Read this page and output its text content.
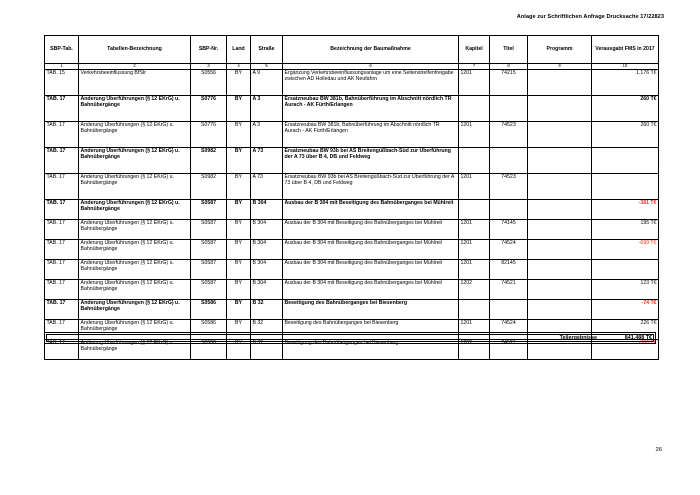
Anlage zur Schriftlichen Anfrage Drucksache 17/22823
SBP-Tab.	Tabellen-Bezeichnung	SBP-Nr.	Land	Straße	Bezeichnung der Baumaßnahme	Kapitel	Titel	Programm	Verausgabt FMS in 2017
1	2	3	4	5	6	7	8	9	10
TAB. 15	Verkehrsbeeinflussung BfStr	S0556	BY	A 9	Ergänzung Verkehrsbeeinflussungsanlage um eine Seitenstreifenfreigabe zwischen AD Holledau und AK Neufahrn	1201	74215		1.176 T€
TAB. 17	Änderung Überführungen (§ 12 EKrG) u. Bahnübergänge	S0776	BY	A 3	Ersatzneubau BW 381b, Bahnüberführung im Abschnitt nördlich TR Aurach - AK Fürth/Erlangen				260 T€
TAB. 17	Änderung Überführungen (§ 12 EKrG) u. Bahnübergänge	S0776	BY	A 3	Ersatzneubau BW 381b, Bahnüberführung im Abschnitt nördlich TR Aurach - AK Fürth/Erlangen	1201	74523		260 T€
TAB. 17	Änderung Überführungen (§ 12 EKrG) u. Bahnübergänge	S0982	BY	A 73	Ersatzneubau BW 93b bei AS Breitengüßbach-Süd zur Überführung der A 73 über B 4, DB und Feldweg				
TAB. 17	Änderung Überführungen (§ 12 EKrG) u. Bahnübergänge	S0982	BY	A 73	Ersatzneubau BW 93b bei AS Breitengüßbach-Süd zur Überführung der A 73 über B 4, DB und Feldweg	1201	74523		
TAB. 17	Änderung Überführungen (§ 12 EKrG) u. Bahnübergänge	S0587	BY	B 304	Ausbau der B 304 mit Beseitigung des Bahnüberganges bei Mühlreit				-381 T€
TAB. 17	Änderung Überführungen (§ 12 EKrG) u. Bahnübergänge	S0587	BY	B 304	Ausbau der B 304 mit Beseitigung des Bahnüberganges bei Mühlreit	1201	74145		195 T€
TAB. 17	Änderung Überführungen (§ 12 EKrG) u. Bahnübergänge	S0587	BY	B 304	Ausbau der B 304 mit Beseitigung des Bahnüberganges bei Mühlreit	1201	74524		-699 T€
TAB. 17	Änderung Überführungen (§ 12 EKrG) u. Bahnübergänge	S0587	BY	B 304	Ausbau der B 304 mit Beseitigung des Bahnüberganges bei Mühlreit	1201	82145		
TAB. 17	Änderung Überführungen (§ 12 EKrG) u. Bahnübergänge	S0587	BY	B 304	Ausbau der B 304 mit Beseitigung des Bahnüberganges bei Mühlreit	1202	74521		123 T€
TAB. 17	Änderung Überführungen (§ 12 EKrG) u. Bahnübergänge	S0586	BY	B 32	Beseitigung des Bahnüberganges bei Biesenberg				-74 T€
TAB. 17	Änderung Überführungen (§ 12 EKrG) u. Bahnübergänge	S0586	BY	B 32	Beseitigung des Bahnüberganges bei Biesenberg	1201	74524		226 T€
TAB. 17	Änderung Überführungen (§ 12 EKrG) u. Bahnübergänge	S0586	BY	B 32	Beseitigung des Bahnüberganges bei Biesenberg	1202	74521		-300 T€
Teilergebnisse	841.488 T€
26
